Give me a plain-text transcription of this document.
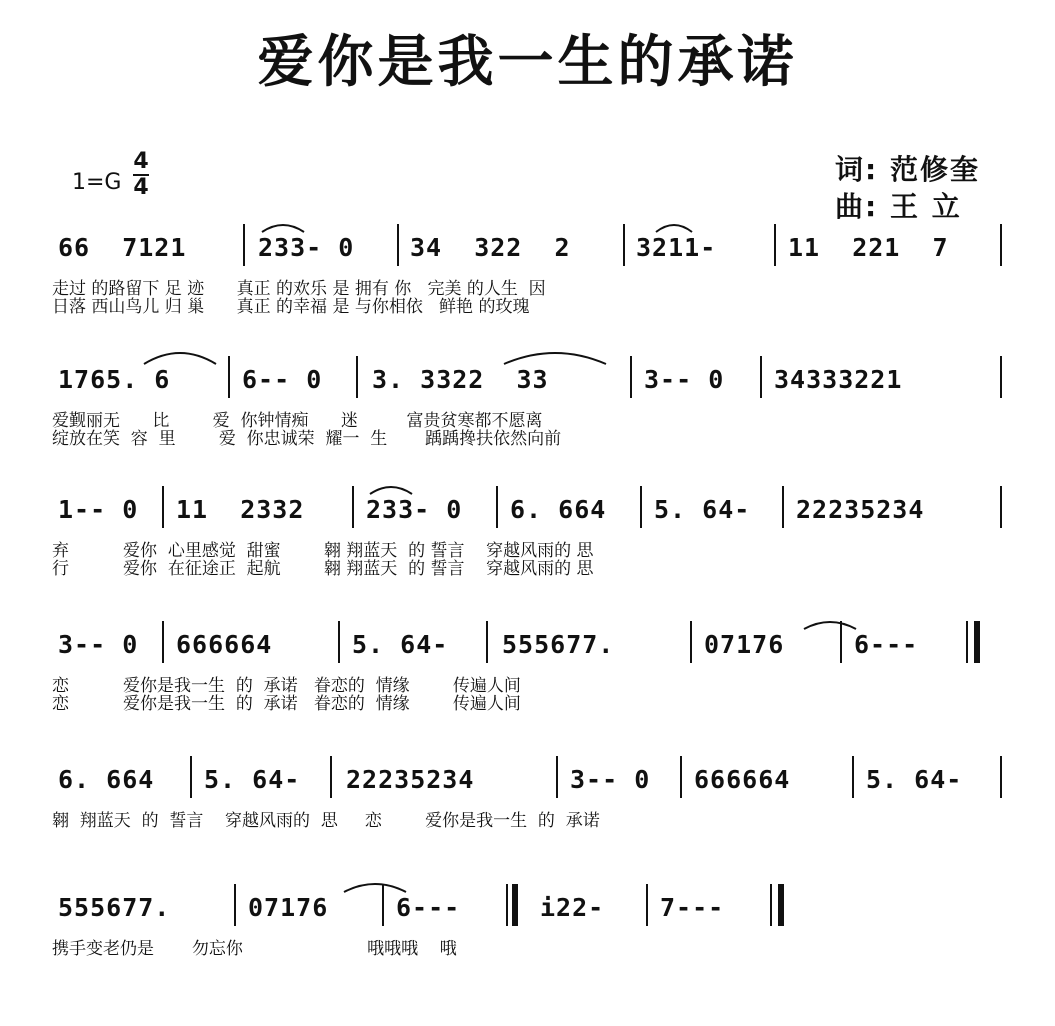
爱你是我一生的承诺
1=G
4
4
词: 范修奎
曲: 王 立
66  7121	233- 0 34  322  2	3211-	11  221  7
走过 的路留下 足 迹      真正 的欢乐 是 拥有 你   完美 的人生  因
日落 西山鸟儿 归 巢      真正 的幸福 是 与你相依   鲜艳 的玫瑰
1765. 6	6-- 0 3. 3322  33	3-- 0 34333221
爱觐丽无      比        爱  你钟情痴      迷         富贵贫寒都不愿离
绽放在笑  容  里        爱  你忠诚荣  耀一  生       踽踽搀扶依然向前
1-- 0 11  2332 233- 0 6. 664 5. 64- 22235234
弃          爱你  心里感觉  甜蜜        翱 翔蓝天  的 誓言    穿越风雨的 思
行          爱你  在征途正  起航        翱 翔蓝天  的 誓言    穿越风雨的 思
3-- 0 666664	5. 64- 555677.	07176	6---
恋          爱你是我一生  的  承诺   眷恋的  情缘        传遍人间
恋          爱你是我一生  的  承诺   眷恋的  情缘        传遍人间
6. 664 5. 64- 22235234	3-- 0 666664	5. 64-
翱  翔蓝天  的  誓言    穿越风雨的  思     恋        爱你是我一生  的  承诺
555677.	07176	6---	i22- 7---
携手变老仍是       勿忘你                       哦哦哦    哦
